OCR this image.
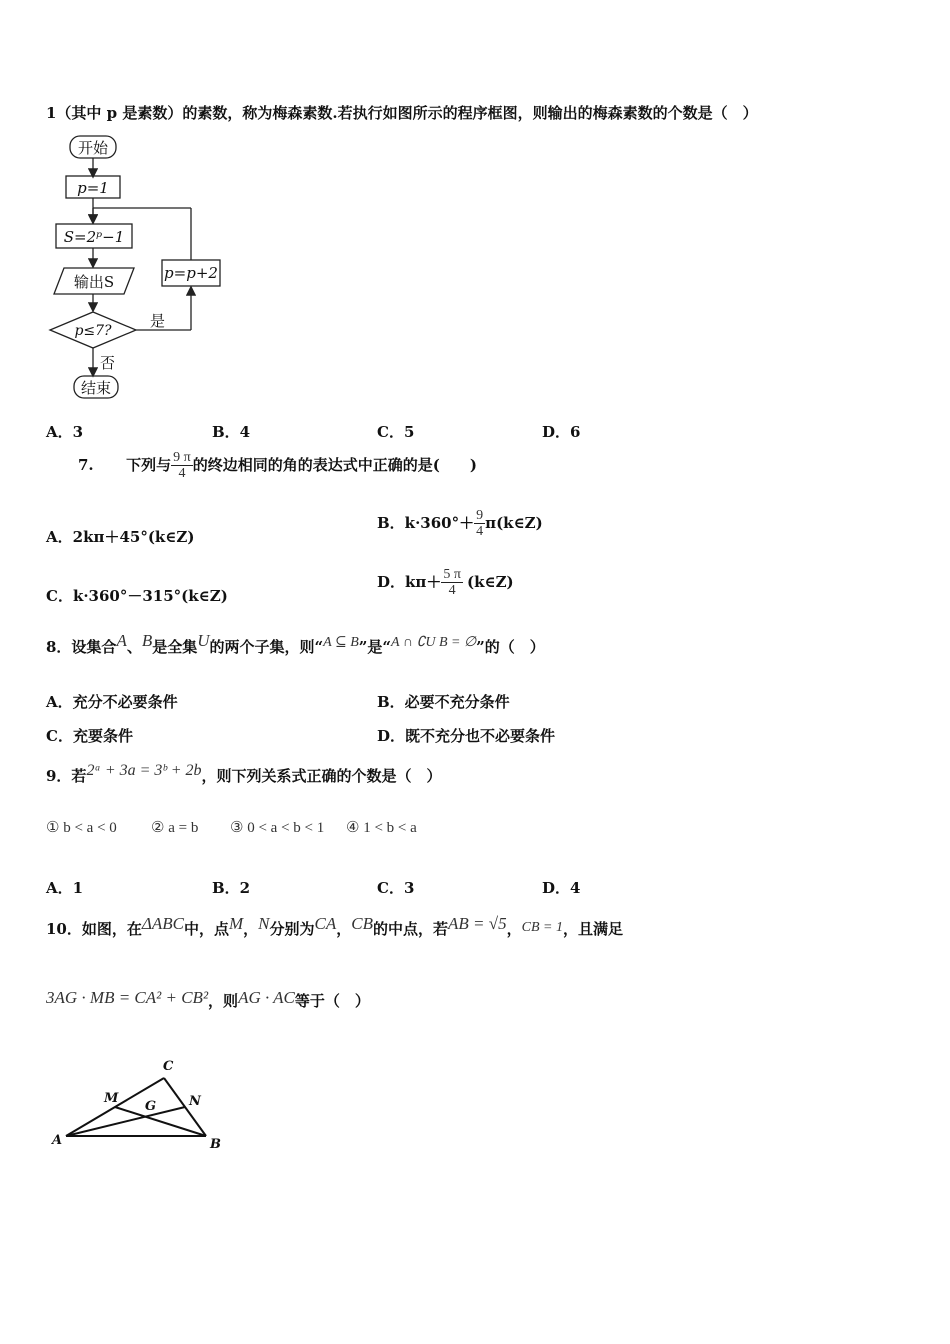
1（其中 p 是素数）的素数，称为梅森素数.若执行如图所示的程序框图，则输出的梅森素数的个数是（　）
开始
p=1
S=2ᵖ−1
输出S
p≤7?
p=p+2
是
否
结束
A．3	B．4	C．5	D．6
7. 下列与 $\frac{9 \pi}{4}$ 的终边相同的角的表达式中正确的是(　　)
A．2kπ＋45°(k∈Z)
B．$k\cdot 360^\circ+ \frac{9}{4}$ π(k∈Z)
C．k·360°－315°(k∈Z)
D．$k\pi+ \frac{5 \pi}{4}$ (k∈Z)
8．设集合A、B是全集U的两个子集，则“A ⊆ B”是“A ∩ ∁U B = ∅”的（　）
A．充分不必要条件	B．必要不充分条件
C．充要条件	D．既不充分也不必要条件
9．若2ᵃ + 3a = 3ᵇ + 2b，则下列关系式正确的个数是（　）
① b < a < 0 ② a = b ③ 0 < a < b < 1 ④ 1 < b < a
A．1	B．2	C．3	D．4
10．如图，在ΔABC中，点M，N分别为CA，CB的中点，若AB = √5，CB = 1，且满足
3AG · MB = CA² + CB²，则AG · AC等于（　）
A	B
C
M	N
G
